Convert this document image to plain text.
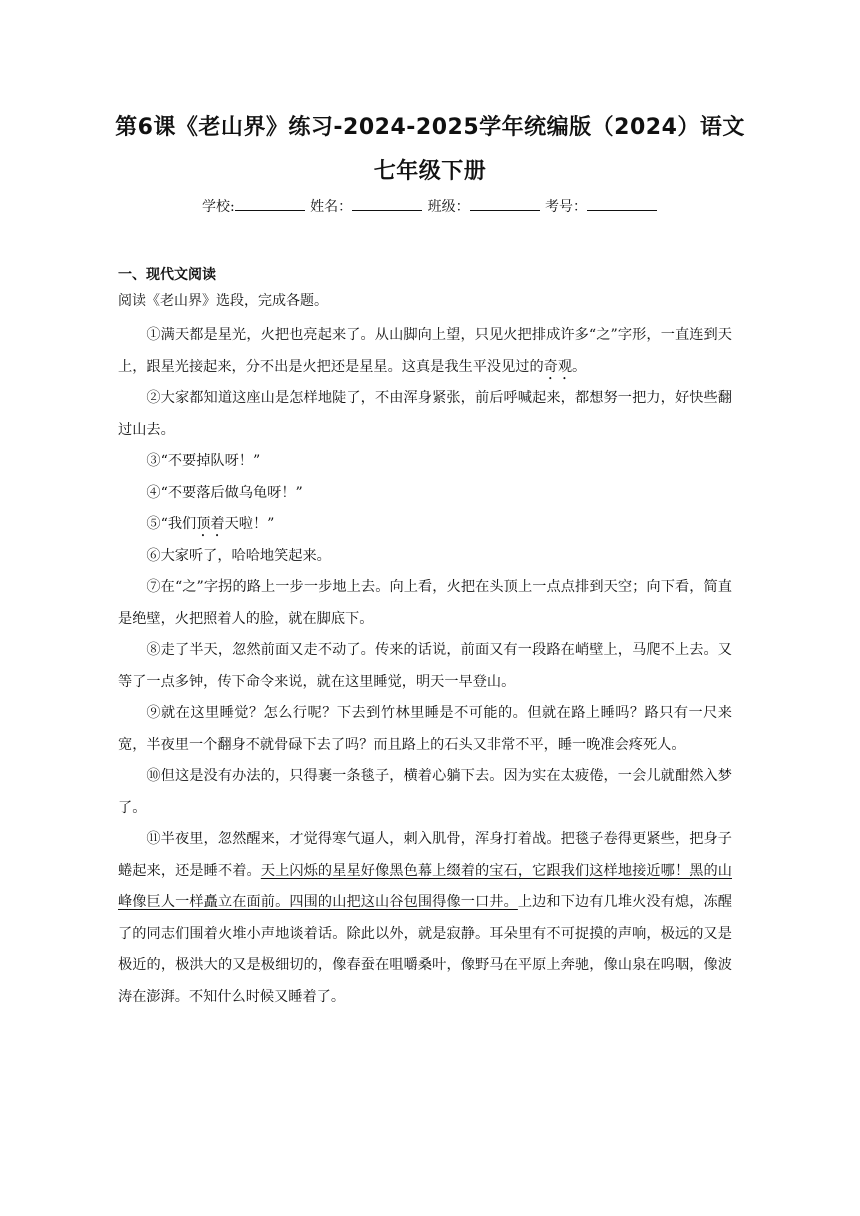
第6课《老山界》练习-2024-2025学年统编版（2024）语文七年级下册
学校:	姓名：	班级：	考号：
一、现代文阅读
阅读《老山界》选段，完成各题。

①满天都是星光，火把也亮起来了。从山脚向上望，只见火把排成许多“之”字形，一直连到天上，跟星光接起来，分不出是火把还是星星。这真是我生平没见过的奇观。

②大家都知道这座山是怎样地陡了，不由浑身紧张，前后呼喊起来，都想努一把力，好快些翻过山去。

③“不要掉队呀！”

④“不要落后做乌龟呀！”

⑤“我们顶着天啦！”

⑥大家听了，哈哈地笑起来。

⑦在“之”字拐的路上一步一步地上去。向上看，火把在头顶上一点点排到天空；向下看，简直是绝壁，火把照着人的脸，就在脚底下。

⑧走了半天，忽然前面又走不动了。传来的话说，前面又有一段路在峭壁上，马爬不上去。又等了一点多钟，传下命令来说，就在这里睡觉，明天一早登山。

⑨就在这里睡觉？怎么行呢？下去到竹林里睡是不可能的。但就在路上睡吗？路只有一尺来宽，半夜里一个翻身不就骨碌下去了吗？而且路上的石头又非常不平，睡一晚准会疼死人。

⑩但这是没有办法的，只得裹一条毯子，横着心躺下去。因为实在太疲倦，一会儿就酣然入梦了。

⑪半夜里，忽然醒来，才觉得寒气逼人，刺入肌骨，浑身打着战。把毯子卷得更紧些，把身子蜷起来，还是睡不着。天上闪烁的星星好像黑色幕上缀着的宝石，它跟我们这样地接近哪！黑的山峰像巨人一样矗立在面前。四围的山把这山谷包围得像一口井。上边和下边有几堆火没有熄，冻醒了的同志们围着火堆小声地谈着话。除此以外，就是寂静。耳朵里有不可捉摸的声响，极远的又是极近的，极洪大的又是极细切的，像春蚕在咀嚼桑叶，像野马在平原上奔驰，像山泉在呜咽，像波涛在澎湃。不知什么时候又睡着了。
